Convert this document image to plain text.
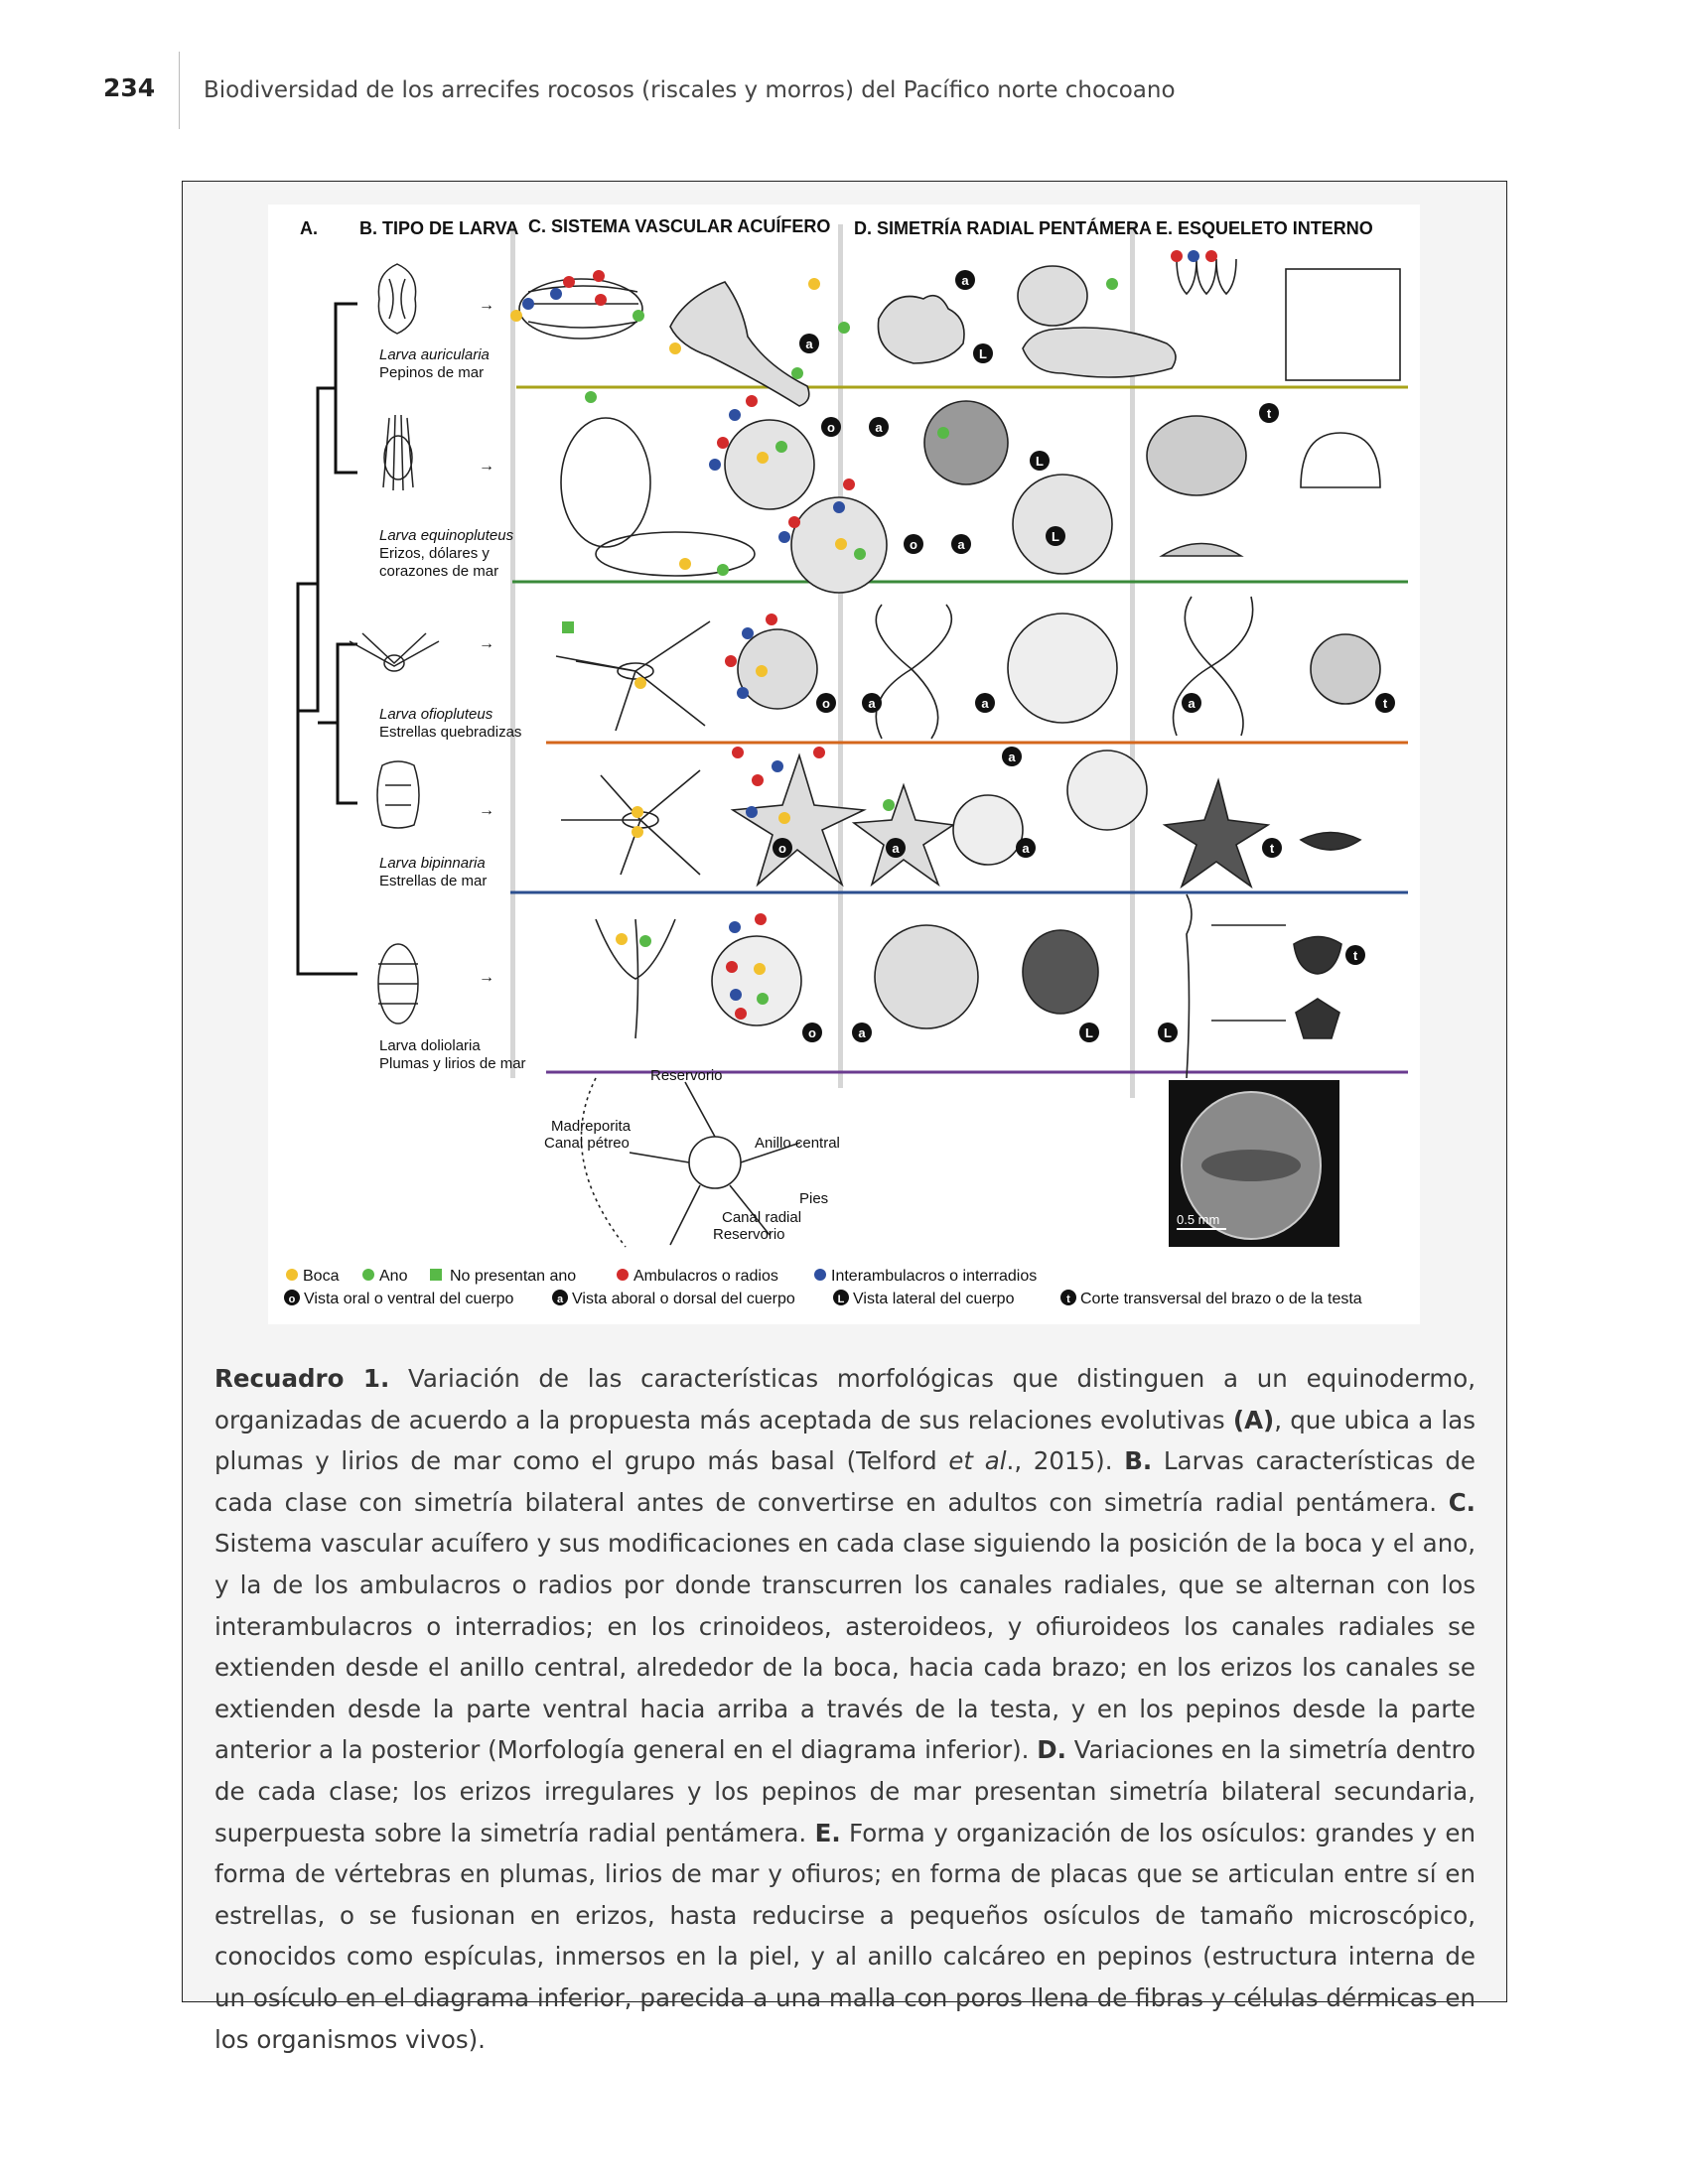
234 Biodiversidad de los arrecifes rocosos (riscales y morros) del Pacífico norte chocoano
A. B. TIPO DE LARVA C. SISTEMA VASCULAR ACUÍFERO D. SIMETRÍA RADIAL PENTÁMERA E. ESQUELETO INTERNO
→
→
→
→
→
Larva auricularia
Pepinos de mar
Larva equinopluteus
Erizos, dólares y
corazones de mar
Larva ofiopluteus
Estrellas quebradizas
Larva bipinnaria
Estrellas de mar
Larva doliolaria
Plumas y lirios de mar
a
L
a
o	a
o	a
L
L
t
o	a	a	a	t
o	a	a
a
t
t
o	a	L	L
Reservorio
Madreporita
Canal pétreo	Anillo central
Pies
Canal radial
Reservorio
0.5 mm
Boca	Ano	No presentan ano	Ambulacros o radios	Interambulacros o interradios
o Vista oral o ventral del cuerpo	a Vista aboral o dorsal del cuerpo	L Vista lateral del cuerpo	t Corte transversal del brazo o de la testa
Recuadro 1. Variación de las características morfológicas que distinguen a un equinodermo, organizadas de acuerdo a la propuesta más aceptada de sus relaciones evolutivas (A), que ubica a las plumas y lirios de mar como el grupo más basal (Telford et al., 2015). B. Larvas características de cada clase con simetría bilateral antes de convertirse en adultos con simetría radial pentámera. C. Sistema vascular acuífero y sus modificaciones en cada clase siguiendo la posición de la boca y el ano, y la de los ambulacros o radios por donde transcurren los canales radiales, que se alternan con los interambulacros o interradios; en los crinoideos, asteroideos, y ofiuroideos los canales radiales se extienden desde el anillo central, alrededor de la boca, hacia cada brazo; en los erizos los canales se extienden desde la parte ventral hacia arriba a través de la testa, y en los pepinos desde la parte anterior a la posterior (Morfología general en el diagrama inferior). D. Variaciones en la simetría dentro de cada clase; los erizos irregulares y los pepinos de mar presentan simetría bilateral secundaria, superpuesta sobre la simetría radial pentámera. E. Forma y organización de los osículos: grandes y en forma de vértebras en plumas, lirios de mar y ofiuros; en forma de placas que se articulan entre sí en estrellas, o se fusionan en erizos, hasta reducirse a pequeños osículos de tamaño microscópico, conocidos como espículas, inmersos en la piel, y al anillo calcáreo en pepinos (estructura interna de un osículo en el diagrama inferior, parecida a una malla con poros llena de fibras y células dérmicas en los organismos vivos).
